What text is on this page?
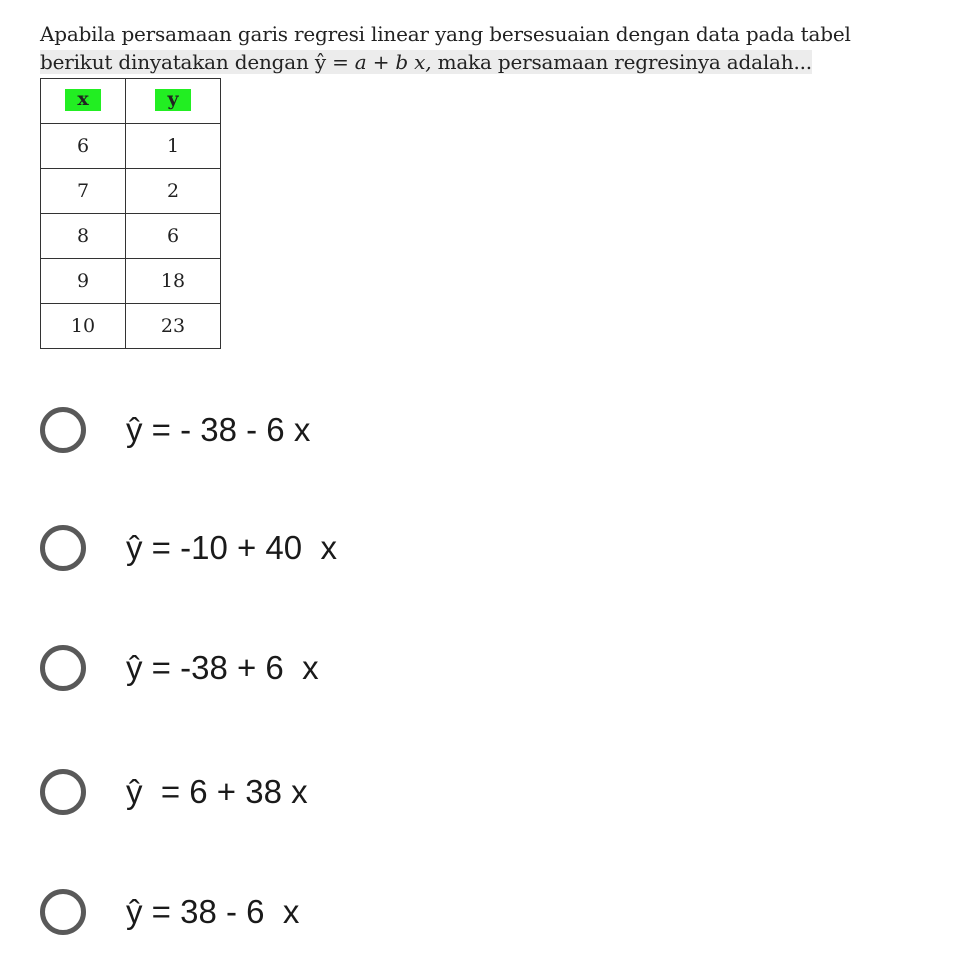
Apabila persamaan garis regresi linear yang bersesuaian dengan data pada tabel
berikut dinyatakan dengan ŷ = a + b x, maka persamaan regresinya adalah...
x	y
6	1
7	2
8	6
9	18
10	23
ŷ = - 38 - 6 x
ŷ = -10 + 40  x
ŷ = -38 + 6  x
ŷ  = 6 + 38 x
ŷ = 38 - 6  x
